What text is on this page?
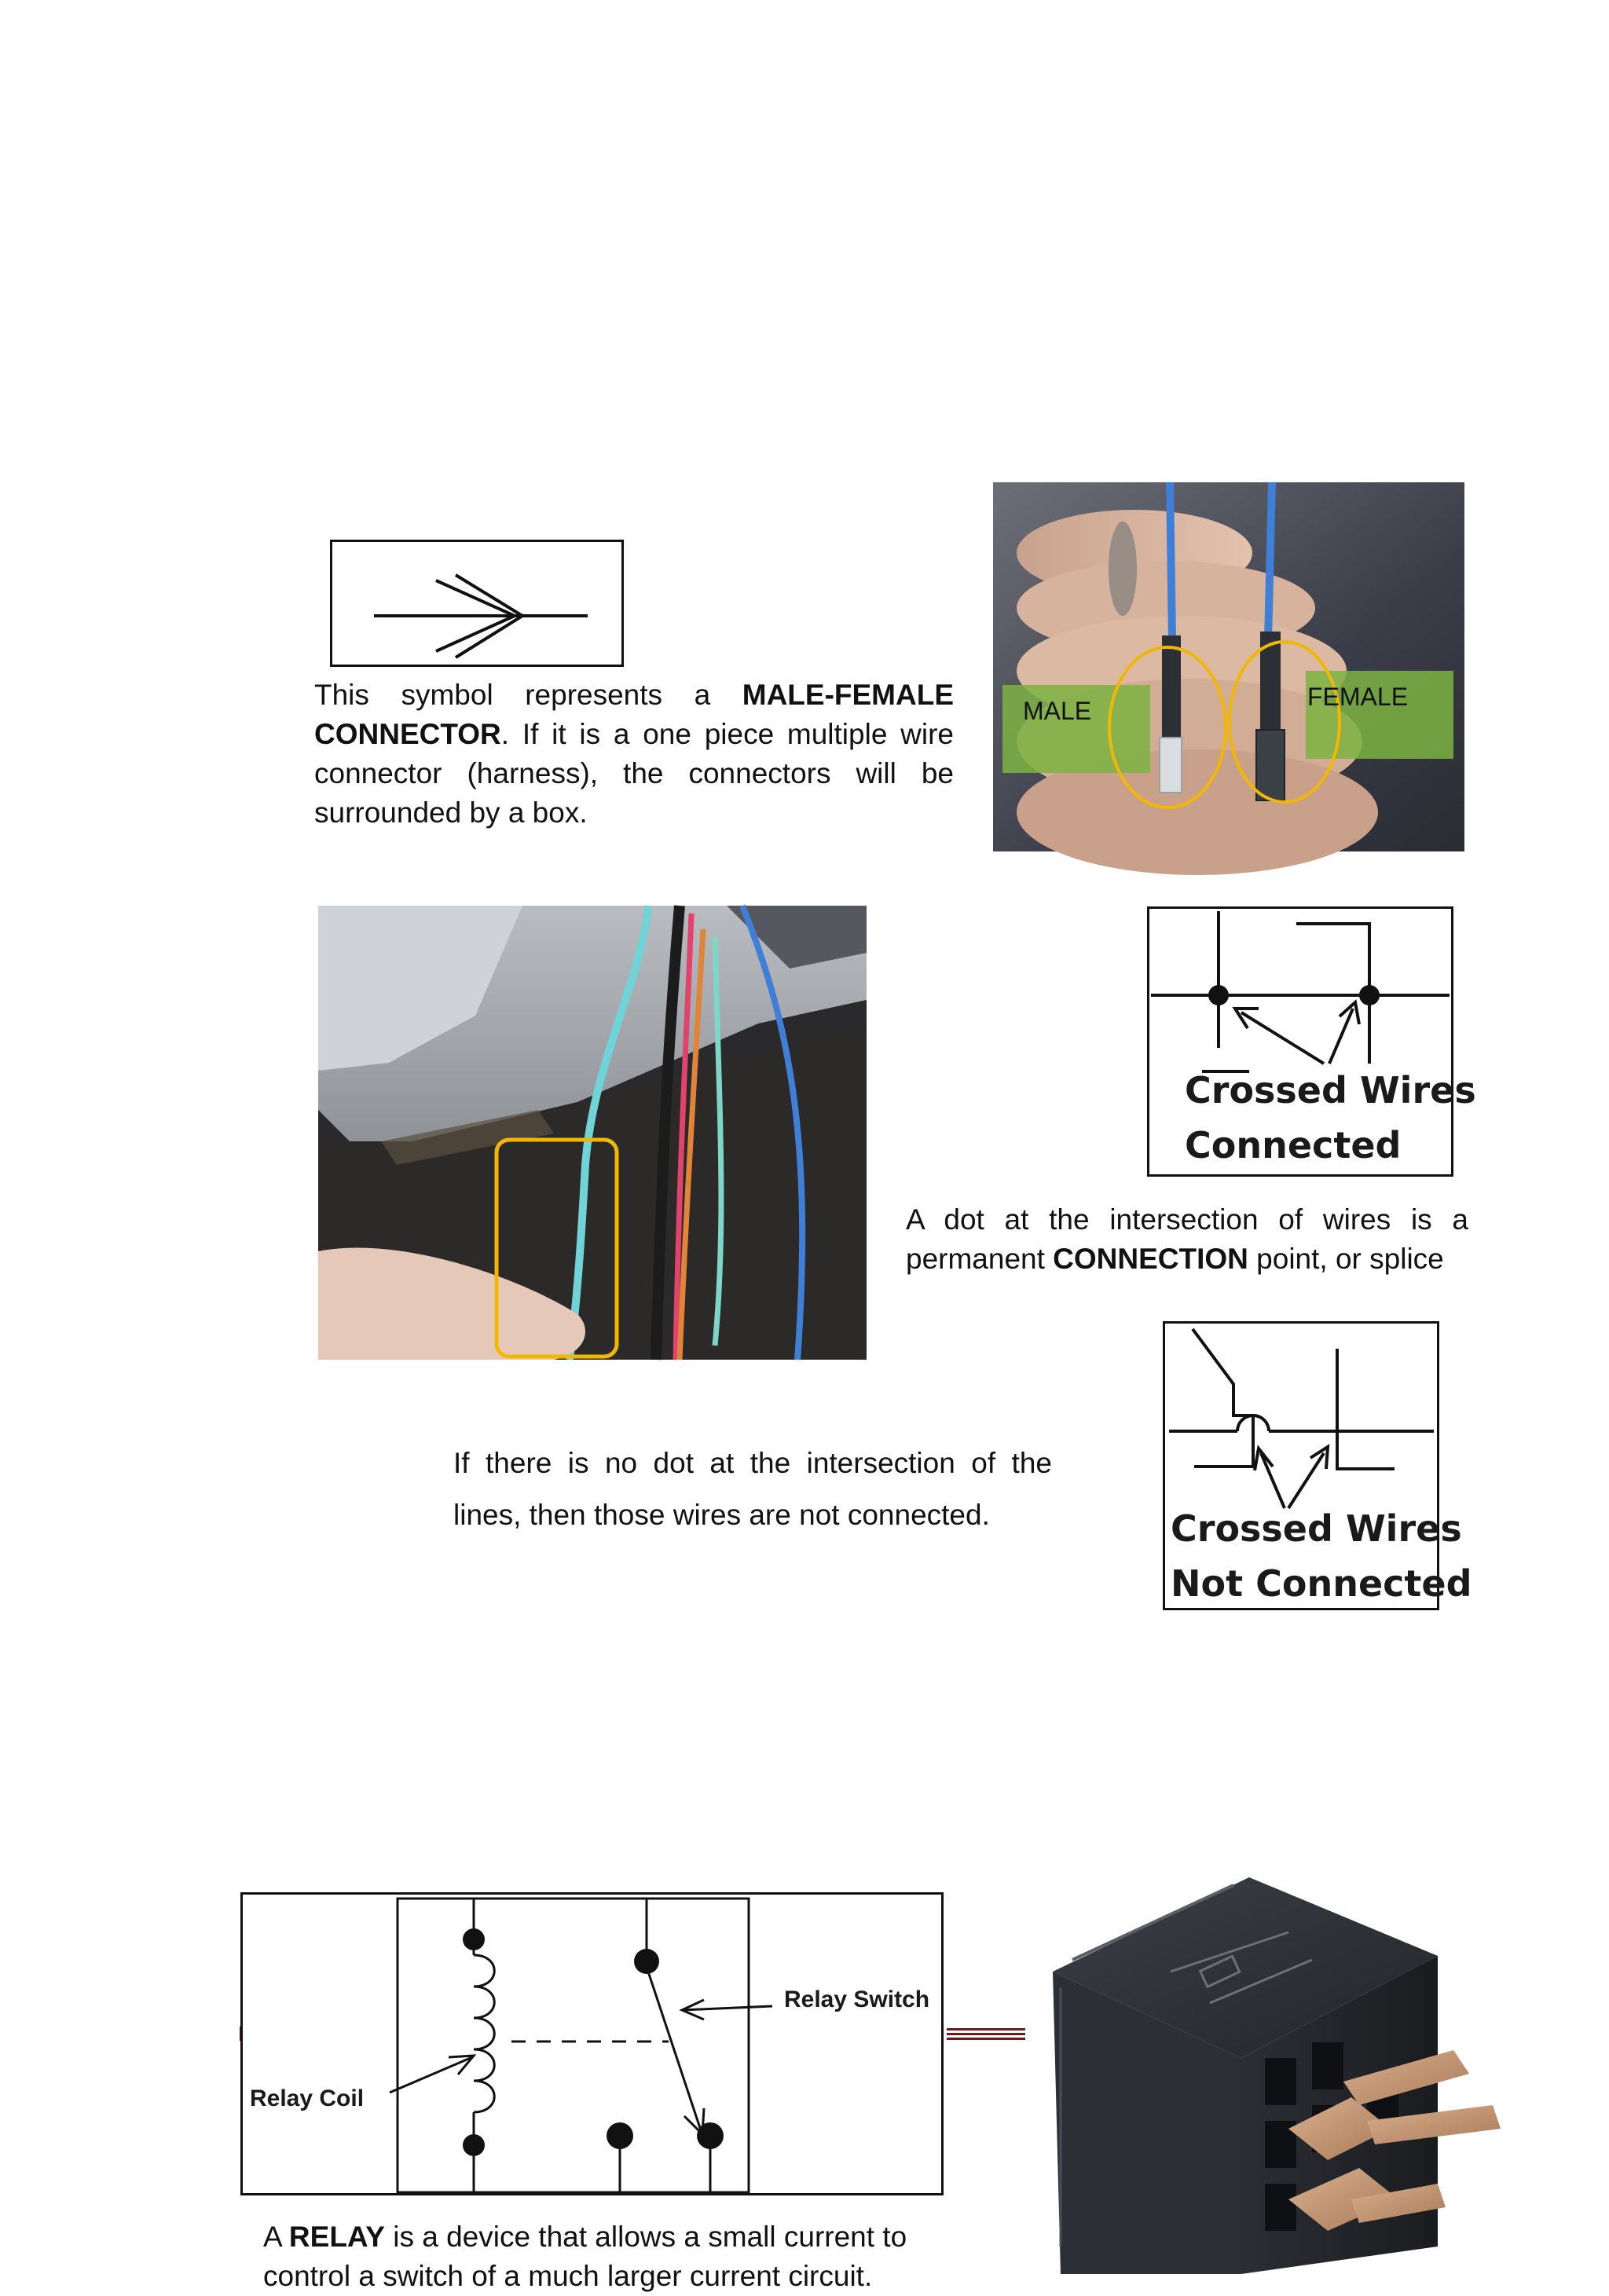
This symbol represents a MALE-FEMALE CONNECTOR. If it is a one piece multiple wire connector (harness), the connectors will be surrounded by a box.

MALE	FEMALE
Crossed Wires
Connected

A dot at the intersection of wires is a permanent CONNECTION point, or splice

If there is no dot at the intersection of the lines, then those wires are not connected.	Crossed Wires
Not Connected
Relay Switch
Relay Coil

A RELAY is a device that allows a small current to control a switch of a much larger current circuit.
